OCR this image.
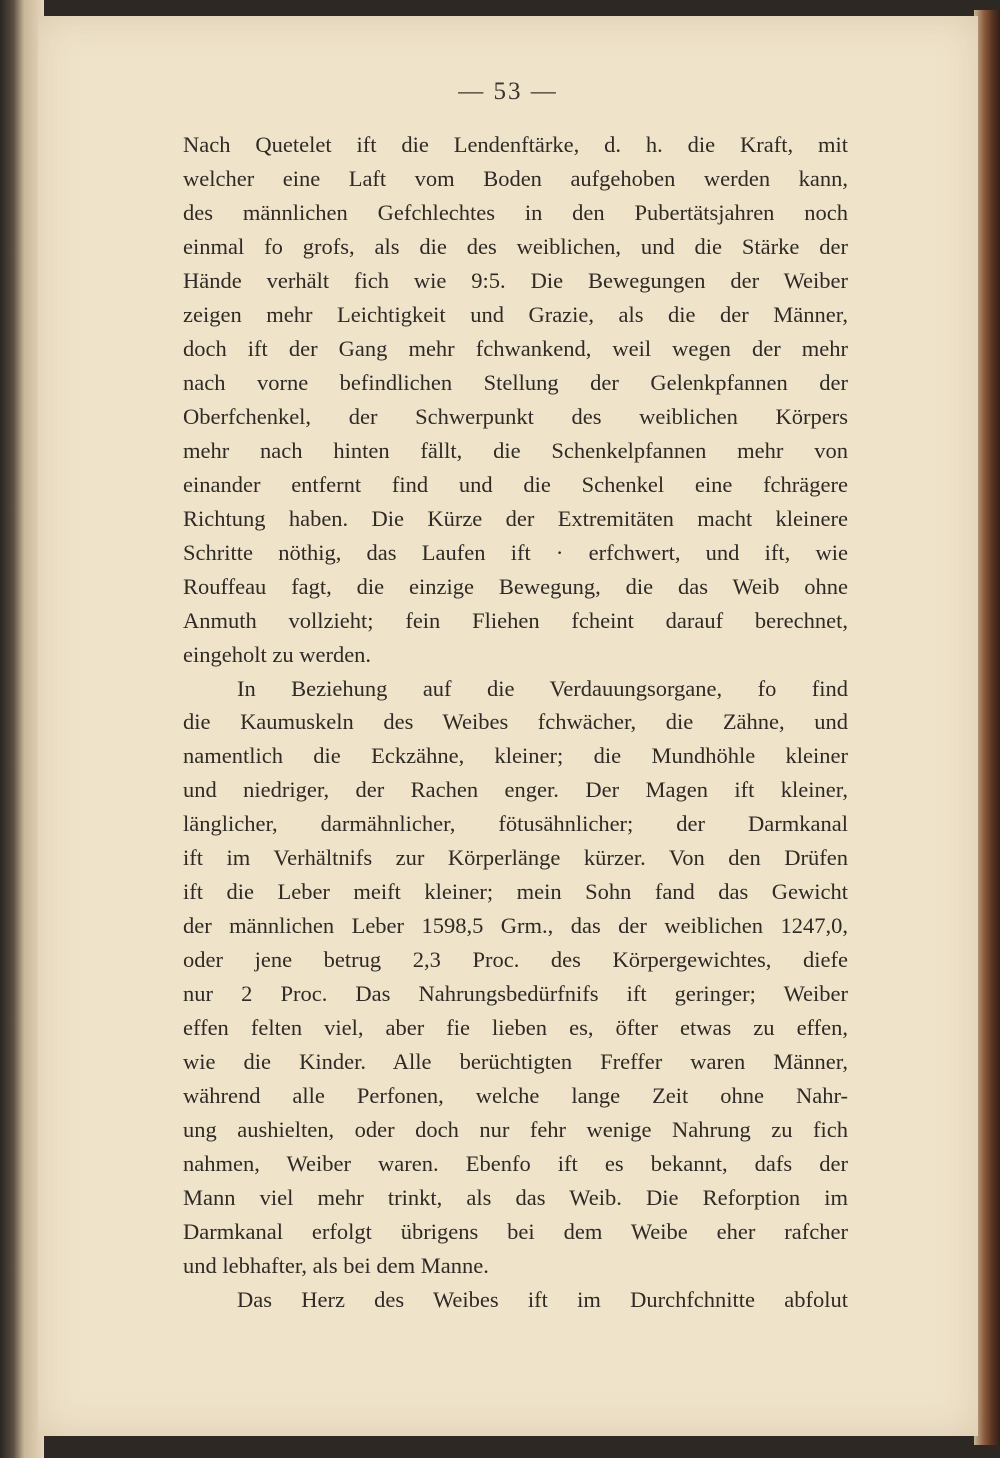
— 53 —
Nach Quetelet ift die Lendenftärke, d. h. die Kraft, mit
welcher eine Laft vom Boden aufgehoben werden kann,
des männlichen Gefchlechtes in den Pubertätsjahren noch
einmal fo grofs, als die des weiblichen, und die Stärke der
Hände verhält fich wie 9:5. Die Bewegungen der Weiber
zeigen mehr Leichtigkeit und Grazie, als die der Männer,
doch ift der Gang mehr fchwankend, weil wegen der mehr
nach vorne befindlichen Stellung der Gelenkpfannen der
Oberfchenkel, der Schwerpunkt des weiblichen Körpers
mehr nach hinten fällt, die Schenkelpfannen mehr von
einander entfernt find und die Schenkel eine fchrägere
Richtung haben. Die Kürze der Extremitäten macht kleinere
Schritte nöthig, das Laufen ift · erfchwert, und ift, wie
Rouffeau fagt, die einzige Bewegung, die das Weib ohne
Anmuth vollzieht; fein Fliehen fcheint darauf berechnet,
eingeholt zu werden.
In Beziehung auf die Verdauungsorgane, fo find
die Kaumuskeln des Weibes fchwächer, die Zähne, und
namentlich die Eckzähne, kleiner; die Mundhöhle kleiner
und niedriger, der Rachen enger. Der Magen ift kleiner,
länglicher, darmähnlicher, fötusähnlicher; der Darmkanal
ift im Verhältnifs zur Körperlänge kürzer. Von den Drüfen
ift die Leber meift kleiner; mein Sohn fand das Gewicht
der männlichen Leber 1598,5 Grm., das der weiblichen 1247,0,
oder jene betrug 2,3 Proc. des Körpergewichtes, diefe
nur 2 Proc. Das Nahrungsbedürfnifs ift geringer; Weiber
effen felten viel, aber fie lieben es, öfter etwas zu effen,
wie die Kinder. Alle berüchtigten Freffer waren Männer,
während alle Perfonen, welche lange Zeit ohne Nahr-
ung aushielten, oder doch nur fehr wenige Nahrung zu fich
nahmen, Weiber waren. Ebenfo ift es bekannt, dafs der
Mann viel mehr trinkt, als das Weib. Die Reforption im
Darmkanal erfolgt übrigens bei dem Weibe eher rafcher
und lebhafter, als bei dem Manne.
Das Herz des Weibes ift im Durchfchnitte abfolut
